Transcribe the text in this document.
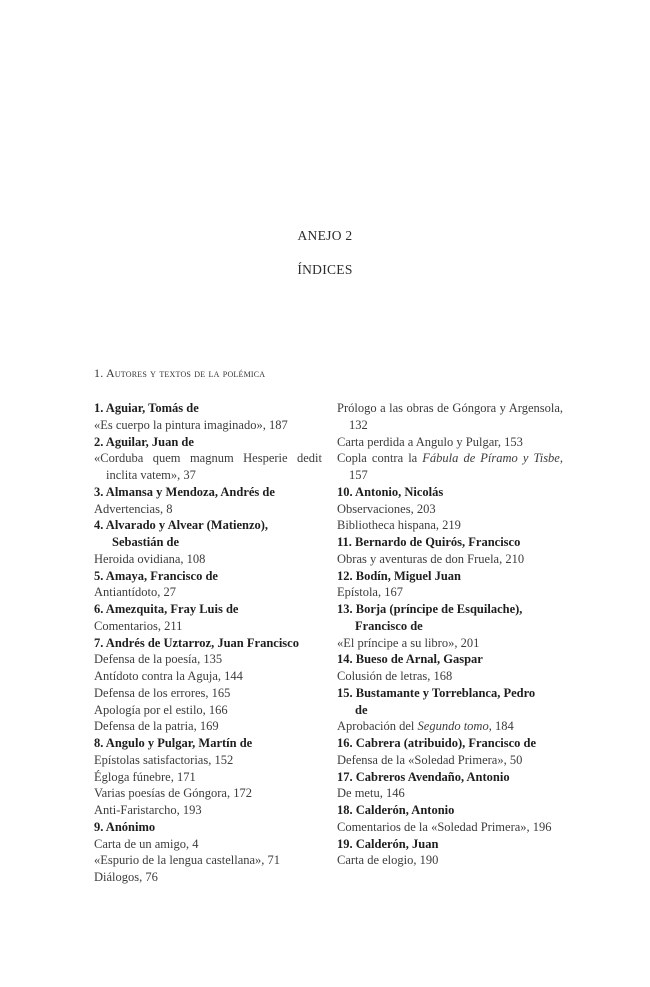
ANEJO 2
ÍNDICES
1. Autores y textos de la polémica

1. Aguiar, Tomás de

«Es cuerpo la pintura imaginado», 187

2. Aguilar, Juan de

«Corduba quem magnum Hesperie dedit inclita vatem», 37

3. Almansa y Mendoza, Andrés de

Advertencias, 8

4. Alvarado y Alvear (Matienzo),

Sebastián de

Heroida ovidiana, 108

5. Amaya, Francisco de

Antiantídoto, 27

6. Amezquita, Fray Luis de

Comentarios, 211

7. Andrés de Uztarroz, Juan Francisco

Defensa de la poesía, 135

Antídoto contra la Aguja, 144

Defensa de los errores, 165

Apología por el estilo, 166

Defensa de la patria, 169

8. Angulo y Pulgar, Martín de

Epístolas satisfactorias, 152

Égloga fúnebre, 171

Varias poesías de Góngora, 172

Anti-Faristarcho, 193

9. Anónimo

Carta de un amigo, 4

«Espurio de la lengua castellana», 71

Diálogos, 76

Prólogo a las obras de Góngora y Argensola, 132

Carta perdida a Angulo y Pulgar, 153

Copla contra la Fábula de Píramo y Tisbe, 157

10. Antonio, Nicolás

Observaciones, 203

Bibliotheca hispana, 219

11. Bernardo de Quirós, Francisco

Obras y aventuras de don Fruela, 210

12. Bodín, Miguel Juan

Epístola, 167

13. Borja (príncipe de Esquilache),

Francisco de

«El príncipe a su libro», 201

14. Bueso de Arnal, Gaspar

Colusión de letras, 168

15. Bustamante y Torreblanca, Pedro

de

Aprobación del Segundo tomo, 184

16. Cabrera (atribuido), Francisco de

Defensa de la «Soledad Primera», 50

17. Cabreros Avendaño, Antonio

De metu, 146

18. Calderón, Antonio

Comentarios de la «Soledad Primera», 196

19. Calderón, Juan

Carta de elogio, 190
